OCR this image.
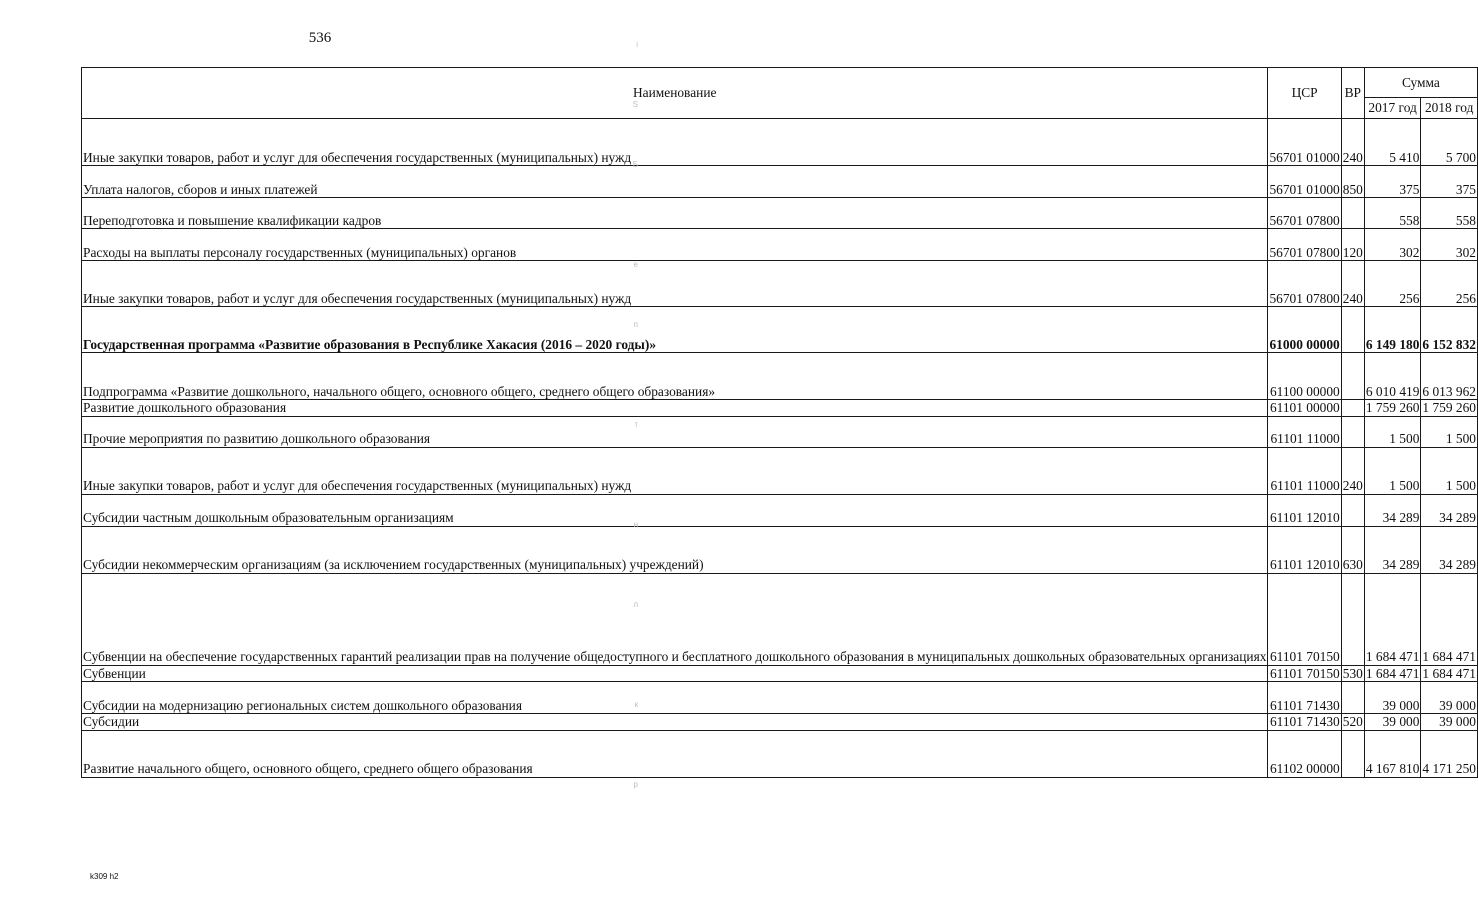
536
Наименование	ЦСР	ВР	Сумма	
			2017 год	2018 год
Иные закупки товаров, работ и услуг для обеспечения государственных (муниципальных) нужд	56701 01000	240	5 410	5 700
Уплата налогов, сборов и иных платежей	56701 01000	850	375	375
Переподготовка и повышение квалификации кадров	56701 07800		558	558
Расходы на выплаты персоналу государственных (муниципальных) органов	56701 07800	120	302	302
Иные закупки товаров, работ и услуг для обеспечения государственных (муниципальных) нужд	56701 07800	240	256	256
Государственная программа «Развитие образования в Республике Хакасия (2016 – 2020 годы)»	61000 00000		6 149 180	6 152 832
Подпрограмма «Развитие дошкольного, начального общего, основного общего, среднего общего образования»	61100 00000		6 010 419	6 013 962
Развитие дошкольного образования	61101 00000		1 759 260	1 759 260
Прочие мероприятия по развитию дошкольного образования	61101 11000		1 500	1 500
Иные закупки товаров, работ и услуг для обеспечения государственных (муниципальных) нужд	61101 11000	240	1 500	1 500
Субсидии частным дошкольным образовательным организациям	61101 12010		34 289	34 289
Субсидии некоммерческим организациям (за исключением государственных (муниципальных) учреждений)	61101 12010	630	34 289	34 289
Субвенции на обеспечение государственных гарантий реализации прав на получение общедоступного и бесплатного дошкольного образования в муниципальных дошкольных образовательных организациях	61101 70150		1 684 471	1 684 471
Субвенции	61101 70150	530	1 684 471	1 684 471
Субсидии на модернизацию региональных систем дошкольного образования	61101 71430		39 000	39 000
Субсидии	61101 71430	520	39 000	39 000
Развитие начального общего, основного общего, среднего общего образования	61102 00000		4 167 810	4 171 250
k309 h2
i
S
Б
е
п
т
н
л
к
р
